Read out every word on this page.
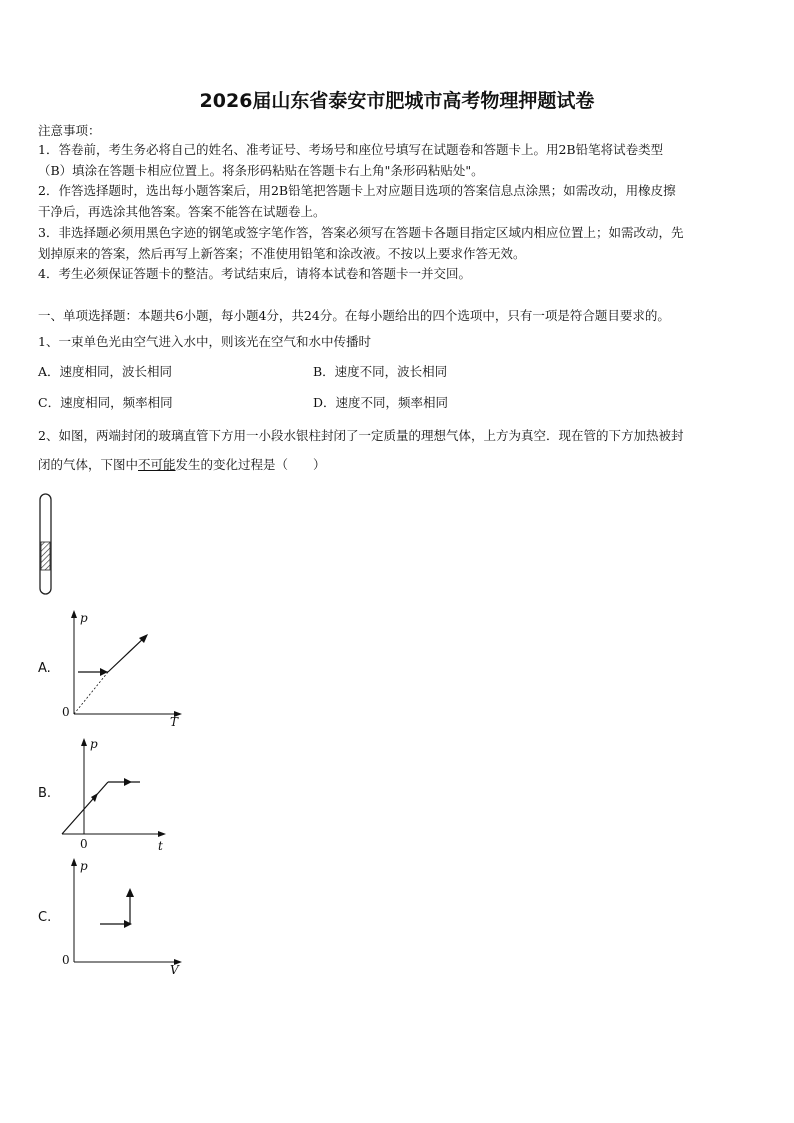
2026届山东省泰安市肥城市高考物理押题试卷
注意事项：
1．答卷前，考生务必将自己的姓名、准考证号、考场号和座位号填写在试题卷和答题卡上。用2B铅笔将试卷类型
（B）填涂在答题卡相应位置上。将条形码粘贴在答题卡右上角"条形码粘贴处"。
2．作答选择题时，选出每小题答案后，用2B铅笔把答题卡上对应题目选项的答案信息点涂黑；如需改动，用橡皮擦
干净后，再选涂其他答案。答案不能答在试题卷上。
3．非选择题必须用黑色字迹的钢笔或签字笔作答，答案必须写在答题卡各题目指定区域内相应位置上；如需改动，先
划掉原来的答案，然后再写上新答案；不准使用铅笔和涂改液。不按以上要求作答无效。
4．考生必须保证答题卡的整洁。考试结束后，请将本试卷和答题卡一并交回。
一、单项选择题：本题共6小题，每小题4分，共24分。在每小题给出的四个选项中，只有一项是符合题目要求的。
1、一束单色光由空气进入水中，则该光在空气和水中传播时
A．速度相同，波长相同	B．速度不同，波长相同
C．速度相同，频率相同	D．速度不同，频率相同
2、如图，两端封闭的玻璃直管下方用一小段水银柱封闭了一定质量的理想气体，上方为真空．现在管的下方加热被封
闭的气体，下图中不可能发生的变化过程是（　　）
A.
p
T
0
B.
p
t
0
C.
p
V
0
